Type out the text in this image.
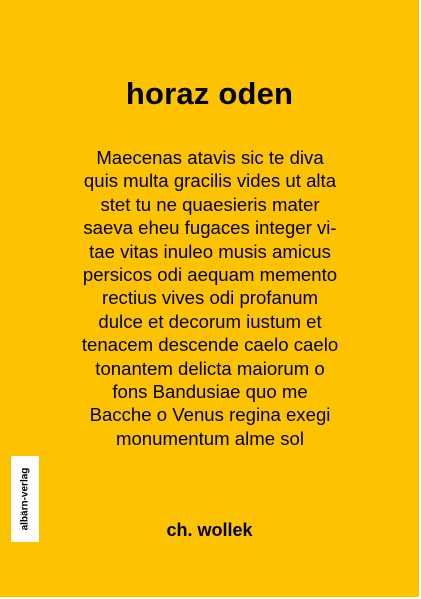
horaz oden
Maecenas atavis sic te diva
quis multa gracilis vides ut alta
stet tu ne quaesieris mater
saeva eheu fugaces integer vi-
tae vitas inuleo musis amicus
persicos odi aequam memento
rectius vives odi profanum
dulce et decorum iustum et
tenacem descende caelo caelo
tonantem delicta maiorum o
fons Bandusiae quo me
Bacche o Venus regina exegi
monumentum alme sol
ch. wollek
albärn-verlag
